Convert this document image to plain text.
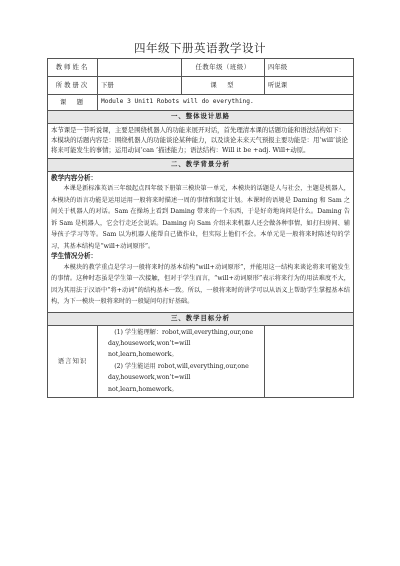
四年级下册英语教学设计
教师姓名		任教年级（班级）	四年级
所教册次	下册	课　型	听说课
课　题	Module 3 Unit1 Robots will do everything.		
一、整体设计思路			

本节课是一节听说课，主要是围绕机器人的功能来展开对话，首先理清本课的话题功能和语法结构如下：

本模块的话题内容是：围绕机器人的功能谈论某种能力，以及谈论未来天气预报主要功能是：用‘will’谈论将来可能发生的事情；运用动词‘can ’描述能力；语法结构：Will it be +adj. Will+动原。			

二、教学背景分析			

教学内容分析：

本课是新标准英语三年级起点四年级下册第三模块第一单元，本模块的话题是人与社会，主题是机器人，本模块的语言功能是运用运用一般将来时描述一周的事情和制定计划。本课时的语境是 Daming 和 Sam 之间关于机器人的对话。Sam 在操场上看到 Daming 带来的一个东西，于是好奇地询问是什么。Daming 告诉 Sam 是机器人，它会行走还会说话。Daming 向 Sam 介绍未来机器人还会做各种事情，如打扫房间、辅导孩子学习等等。Sam 以为机器人能帮自己做作业，但实际上他们不会。本单元是一般将来时陈述句的学习，其基本结构是“will+动词原形”。

学生情况分析：

本模块的教学重点是学习一般将来时的基本结构“will+动词原形”，并能用这一结构来谈论将来可能发生的事情。这种时态虽是学生第一次接触，但对于学生而言，“will+动词原形”表示将来行为的用法难度不大，因为其用法于汉语中“将+动词”的结构基本一致。所以，一般将来时的讲学可以从语义上帮助学生掌握基本结构，为下一模块一般将来时的一般疑问句打好基础。			

三、教学目标分析			
语言知识	(1) 学生能理解：robot,will,everything,our,one

day,housework,won’t=will not,learn,homework。

(2) 学生能运用 robot,will,everything,our,one

day,housework,won’t=will not,learn,homework。		
